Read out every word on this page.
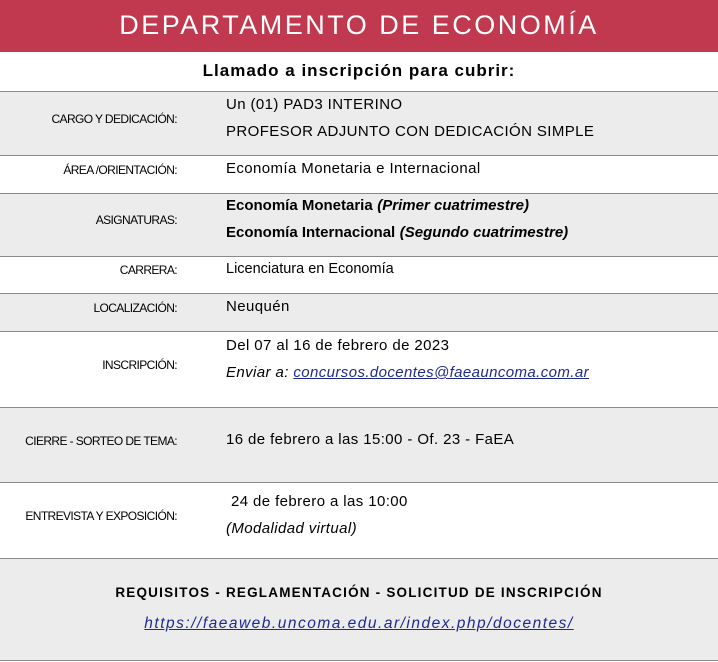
DEPARTAMENTO DE ECONOMÍA
Llamado a inscripción para cubrir:
CARGO Y DEDICACIÓN:
Un (01) PAD3 INTERINO
PROFESOR ADJUNTO CON DEDICACIÓN SIMPLE
ÁREA /ORIENTACIÓN:	Economía Monetaria e Internacional
ASIGNATURAS:
Economía Monetaria (Primer cuatrimestre)
Economía Internacional (Segundo cuatrimestre)
CARRERA:	Licenciatura en Economía
LOCALIZACIÓN:	Neuquén
INSCRIPCIÓN:
Del 07 al 16 de febrero de 2023
Enviar a: concursos.docentes@faeauncoma.com.ar
CIERRE - SORTEO DE TEMA:	16 de febrero a las 15:00 - Of. 23 - FaEA
ENTREVISTA Y EXPOSICIÓN:
24 de febrero a las 10:00
(Modalidad virtual)
REQUISITOS - REGLAMENTACIÓN - SOLICITUD DE INSCRIPCIÓN
https://faeaweb.uncoma.edu.ar/index.php/docentes/
